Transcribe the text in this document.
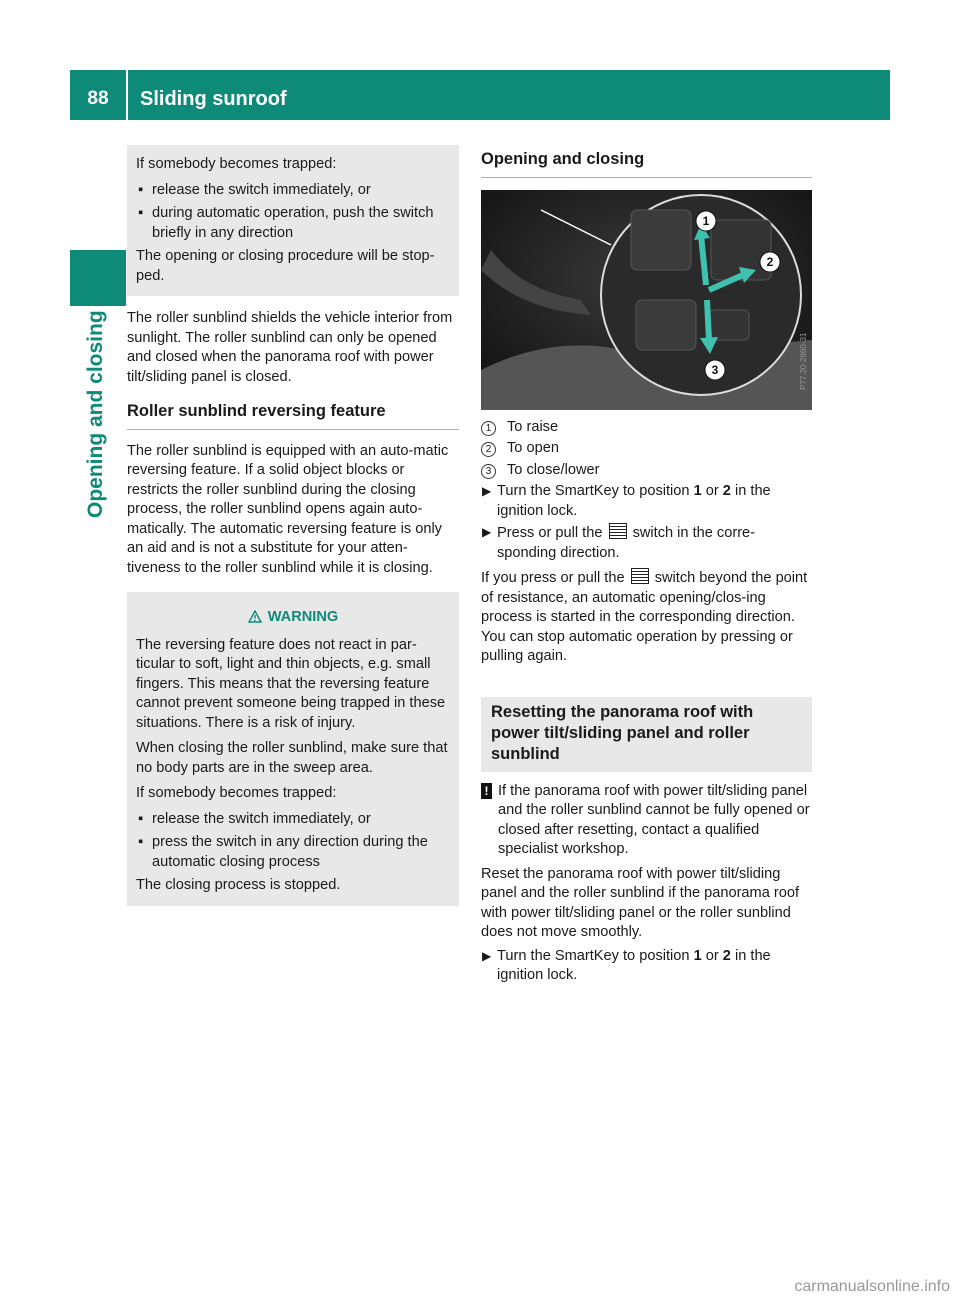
88	Sliding sunroof
Opening and closing

If somebody becomes trapped:

▪ release the switch immediately, or
▪ during automatic operation, push the switch briefly in any direction

The opening or closing procedure will be stop-ped.

The roller sunblind shields the vehicle interior from sunlight. The roller sunblind can only be opened and closed when the panorama roof with power tilt/sliding panel is closed.

Roller sunblind reversing feature

The roller sunblind is equipped with an auto-matic reversing feature. If a solid object blocks or restricts the roller sunblind during the closing process, the roller sunblind opens again auto-matically. The automatic reversing feature is only an aid and is not a substitute for your atten-tiveness to the roller sunblind while it is closing.

WARNING

The reversing feature does not react in par-ticular to soft, light and thin objects, e.g. small fingers. This means that the reversing feature cannot prevent someone being trapped in these situations. There is a risk of injury.

When closing the roller sunblind, make sure that no body parts are in the sweep area.

If somebody becomes trapped:

▪ release the switch immediately, or
▪ press the switch in any direction during the automatic closing process

The closing process is stopped.

Opening and closing
1
2
3	P77.20-2860-31
1	To raise
2	To open
3	To close/lower
▶ Turn the SmartKey to position 1 or 2 in the ignition lock.
▶ Press or pull the  switch in the corre-sponding direction.

If you press or pull the  switch beyond the point of resistance, an automatic opening/clos-ing process is started in the corresponding direction. You can stop automatic operation by pressing or pulling again.

Resetting the panorama roof with power tilt/sliding panel and roller sunblind
! If the panorama roof with power tilt/sliding panel and the roller sunblind cannot be fully opened or closed after resetting, contact a qualified specialist workshop.

Reset the panorama roof with power tilt/sliding panel and the roller sunblind if the panorama roof with power tilt/sliding panel or the roller sunblind does not move smoothly.

▶ Turn the SmartKey to position 1 or 2 in the ignition lock.
carmanualsonline.info
